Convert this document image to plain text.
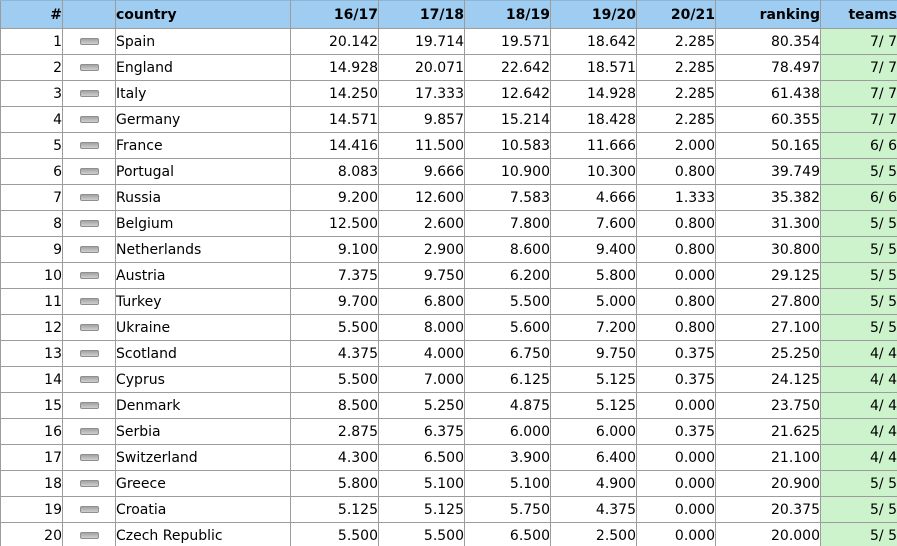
#		country	16/17	17/18	18/19	19/20	20/21	ranking	teams
1		Spain	20.142	19.714	19.571	18.642	2.285	80.354	7/ 7
2		England	14.928	20.071	22.642	18.571	2.285	78.497	7/ 7
3		Italy	14.250	17.333	12.642	14.928	2.285	61.438	7/ 7
4		Germany	14.571	9.857	15.214	18.428	2.285	60.355	7/ 7
5		France	14.416	11.500	10.583	11.666	2.000	50.165	6/ 6
6		Portugal	8.083	9.666	10.900	10.300	0.800	39.749	5/ 5
7		Russia	9.200	12.600	7.583	4.666	1.333	35.382	6/ 6
8		Belgium	12.500	2.600	7.800	7.600	0.800	31.300	5/ 5
9		Netherlands	9.100	2.900	8.600	9.400	0.800	30.800	5/ 5
10		Austria	7.375	9.750	6.200	5.800	0.000	29.125	5/ 5
11		Turkey	9.700	6.800	5.500	5.000	0.800	27.800	5/ 5
12		Ukraine	5.500	8.000	5.600	7.200	0.800	27.100	5/ 5
13		Scotland	4.375	4.000	6.750	9.750	0.375	25.250	4/ 4
14		Cyprus	5.500	7.000	6.125	5.125	0.375	24.125	4/ 4
15		Denmark	8.500	5.250	4.875	5.125	0.000	23.750	4/ 4
16		Serbia	2.875	6.375	6.000	6.000	0.375	21.625	4/ 4
17		Switzerland	4.300	6.500	3.900	6.400	0.000	21.100	4/ 4
18		Greece	5.800	5.100	5.100	4.900	0.000	20.900	5/ 5
19		Croatia	5.125	5.125	5.750	4.375	0.000	20.375	5/ 5
20		Czech Republic	5.500	5.500	6.500	2.500	0.000	20.000	5/ 5
